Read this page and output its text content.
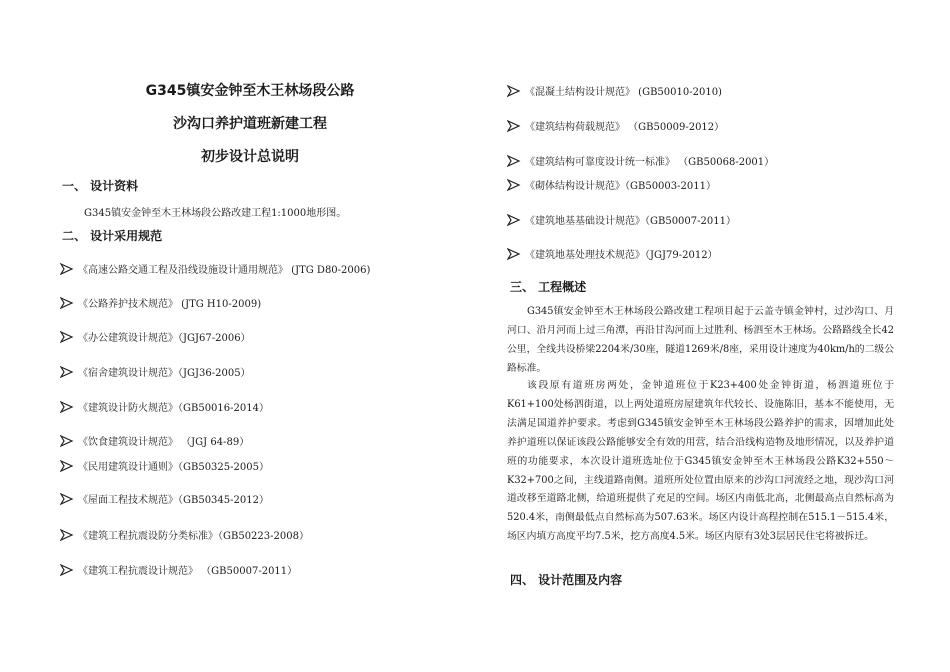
G345镇安金钟至木王林场段公路
沙沟口养护道班新建工程
初步设计总说明
一、 设计资料
G345镇安金钟至木王林场段公路改建工程1:1000地形图。
二、 设计采用规范
《高速公路交通工程及沿线设施设计通用规范》 (JTG D80-2006)
《公路养护技术规范》 (JTG H10-2009)
《办公建筑设计规范》（JGJ67-2006）
《宿舍建筑设计规范》（JGJ36-2005）
《建筑设计防火规范》（GB50016-2014）
《饮食建筑设计规范》 （JGJ 64-89）
《民用建筑设计通则》（GB50325-2005）
《屋面工程技术规范》（GB50345-2012）
《建筑工程抗震设防分类标准》（GB50223-2008）
《建筑工程抗震设计规范》 （GB50007-2011）
《混凝土结构设计规范》 (GB50010-2010)
《建筑结构荷载规范》 （GB50009-2012）
《建筑结构可靠度设计统一标准》 （GB50068-2001）
《砌体结构设计规范》（GB50003-2011）
《建筑地基基础设计规范》（GB50007-2011）
《建筑地基处理技术规范》（JGJ79-2012）
三、 工程概述

G345镇安金钟至木王林场段公路改建工程项目起于云盖寺镇金钟村，过沙沟口、月河口、沿月河而上过三角潭，再沿甘沟河而上过胜利、杨泗至木王林场。公路路线全长42公里，全线共设桥梁2204米/30座，隧道1269米/8座，采用设计速度为40km/h的二级公路标准。

该段原有道班房两处，金钟道班位于K23+400处金钟街道，杨泗道班位于K61+100处杨泗街道，以上两处道班房屋建筑年代较长、设施陈旧，基本不能使用，无法满足国道养护要求。考虑到G345镇安金钟至木王林场段公路养护的需求，因增加此处养护道班以保证该段公路能够安全有效的用营，结合沿线构造物及地形情况，以及养护道班的功能要求，本次设计道班选址位于G345镇安金钟至木王林场段公路K32+550～K32+700之间，主线道路南侧。道班所处位置由原来的沙沟口河流经之地，现沙沟口河道改移至道路北侧，给道班提供了充足的空间。场区内南低北高，北侧最高点自然标高为520.4米，南侧最低点自然标高为507.63米。场区内设计高程控制在515.1－515.4米，场区内填方高度平均7.5米，挖方高度4.5米。场区内原有3处3层居民住宅将被拆迁。

四、 设计范围及内容
